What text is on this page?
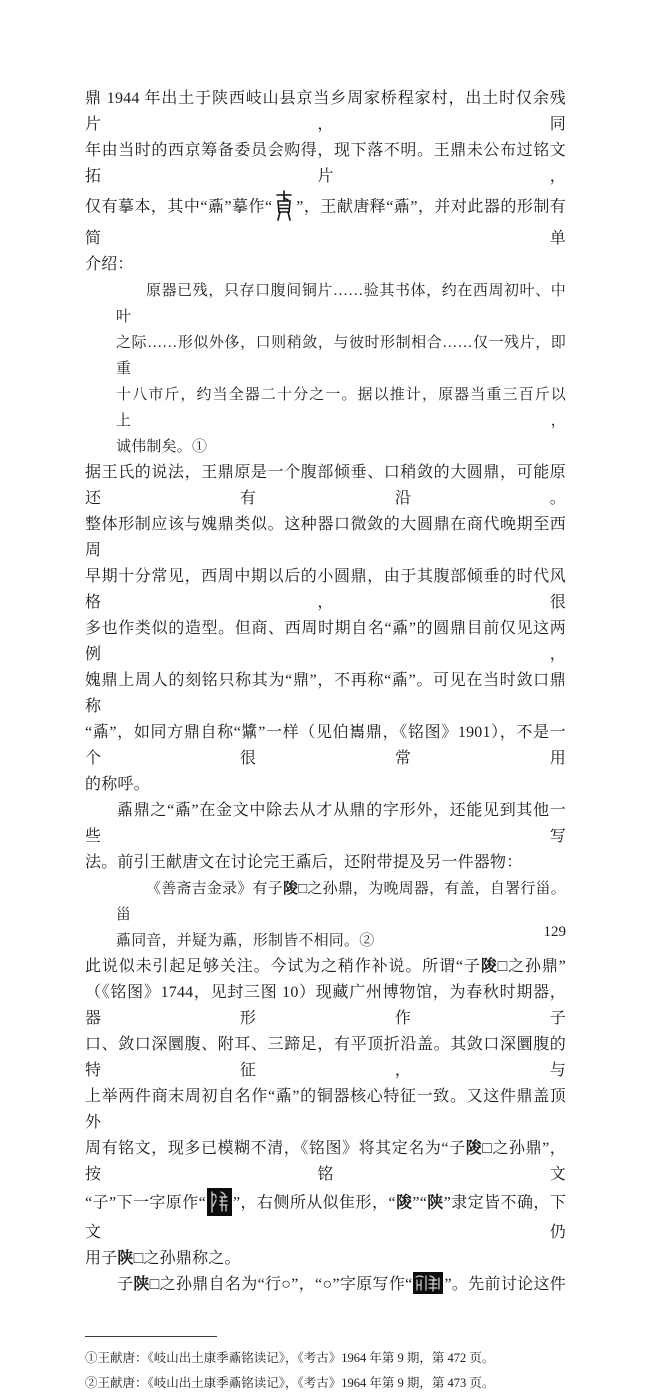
鼎 1944 年出土于陕西岐山县京当乡周家桥程家村，出土时仅余残片，同
年由当时的西京筹备委员会购得，现下落不明。王鼎未公布过铭文拓片，
仅有摹本，其中“鼒”摹作“ ”，王献唐释“鼒”，并对此器的形制有简单
介绍：
原器已残，只存口腹间铜片……验其书体，约在西周初叶、中叶
之际……形似外侈，口则稍敛，与彼时形制相合……仅一残片，即重
十八市斤，约当全器二十分之一。据以推计，原器当重三百斤以上，
诚伟制矣。①
据王氏的说法，王鼎原是一个腹部倾垂、口稍敛的大圆鼎，可能原还有沿。
整体形制应该与媿鼎类似。这种器口微敛的大圆鼎在商代晚期至西周
早期十分常见，西周中期以后的小圆鼎，由于其腹部倾垂的时代风格，很
多也作类似的造型。但商、西周时期自名“鼒”的圆鼎目前仅见这两例，
媿鼎上周人的刻铭只称其为“鼎”，不再称“鼒”。可见在当时敛口鼎称
“鼒”，如同方鼎自称“䵼”一样（见伯巂鼎，《铭图》1901），不是一个很常用
的称呼。
鼒鼎之“鼒”在金文中除去从才从鼎的字形外，还能见到其他一些写
法。前引王献唐文在讨论完王鼒后，还附带提及另一件器物：
《善斋吉金录》有子陖□之孙鼎，为晚周器，有盖，自署行甾。甾
鼒同音，并疑为鼒，形制皆不相同。②
此说似未引起足够关注。今试为之稍作补说。所谓“子陖□之孙鼎”
（《铭图》1744，见封三图 10）现藏广州博物馆，为春秋时期器，器形作子
口、敛口深圜腹、附耳、三蹄足，有平顶折沿盖。其敛口深圜腹的特征，与
上举两件商末周初自名作“鼒”的铜器核心特征一致。又这件鼎盖顶外
周有铭文，现多已模糊不清，《铭图》将其定名为“子陖□之孙鼎”，按铭文
“子”下一字原作“ ”，右侧所从似隹形，“陖”“陕”隶定皆不确，下文仍
用子陕□之孙鼎称之。
子陕□之孙鼎自名为“行○”，“○”字原写作“ ”。先前讨论这件
①王献唐：《岐山出土康季鼒铭读记》，《考古》1964 年第 9 期，第 472 页。
②王献唐：《岐山出土康季鼒铭读记》，《考古》1964 年第 9 期，第 473 页。
129
